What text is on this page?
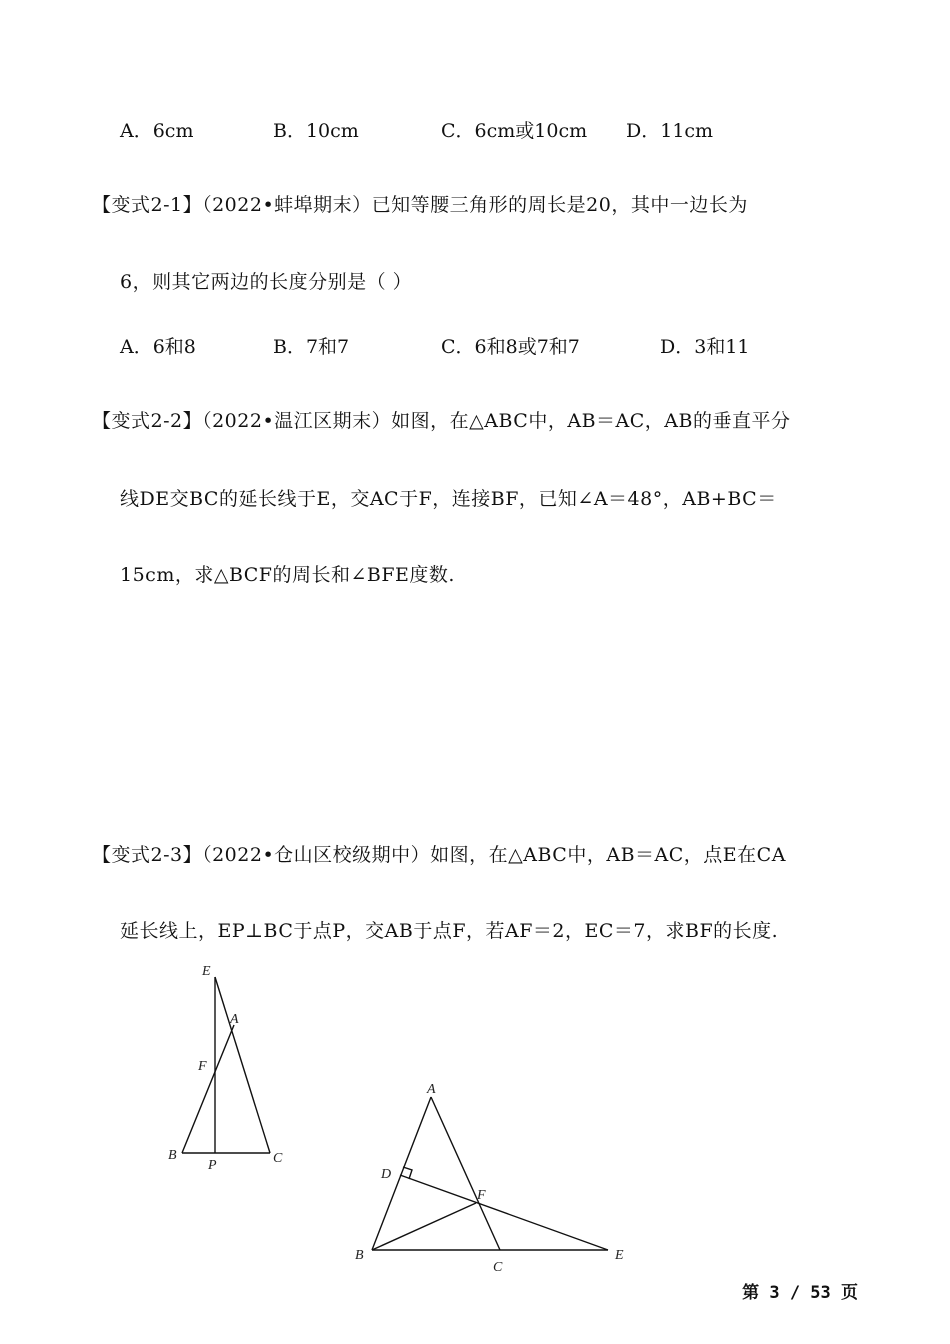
A．6cm	B．10cm	C．6cm或10cm D．11cm
【变式2-1】（2022•蚌埠期末）已知等腰三角形的周长是20，其中一边长为
6，则其它两边的长度分别是（ ）
A．6和8	B．7和7	C．6和8或7和7	D．3和11
【变式2-2】（2022•温江区期末）如图，在△ABC中，AB＝AC，AB的垂直平分
线DE交BC的延长线于E，交AC于F，连接BF，已知∠A＝48°，AB+BC＝
15cm，求△BCF的周长和∠BFE度数.
【变式2-3】（2022•仓山区校级期中）如图，在△ABC中，AB＝AC，点E在CA
延长线上，EP⊥BC于点P，交AB于点F，若AF＝2，EC＝7，求BF的长度.
E
A
F
B
P	C
A
D
F
B
C
E
第 3 / 53 页
